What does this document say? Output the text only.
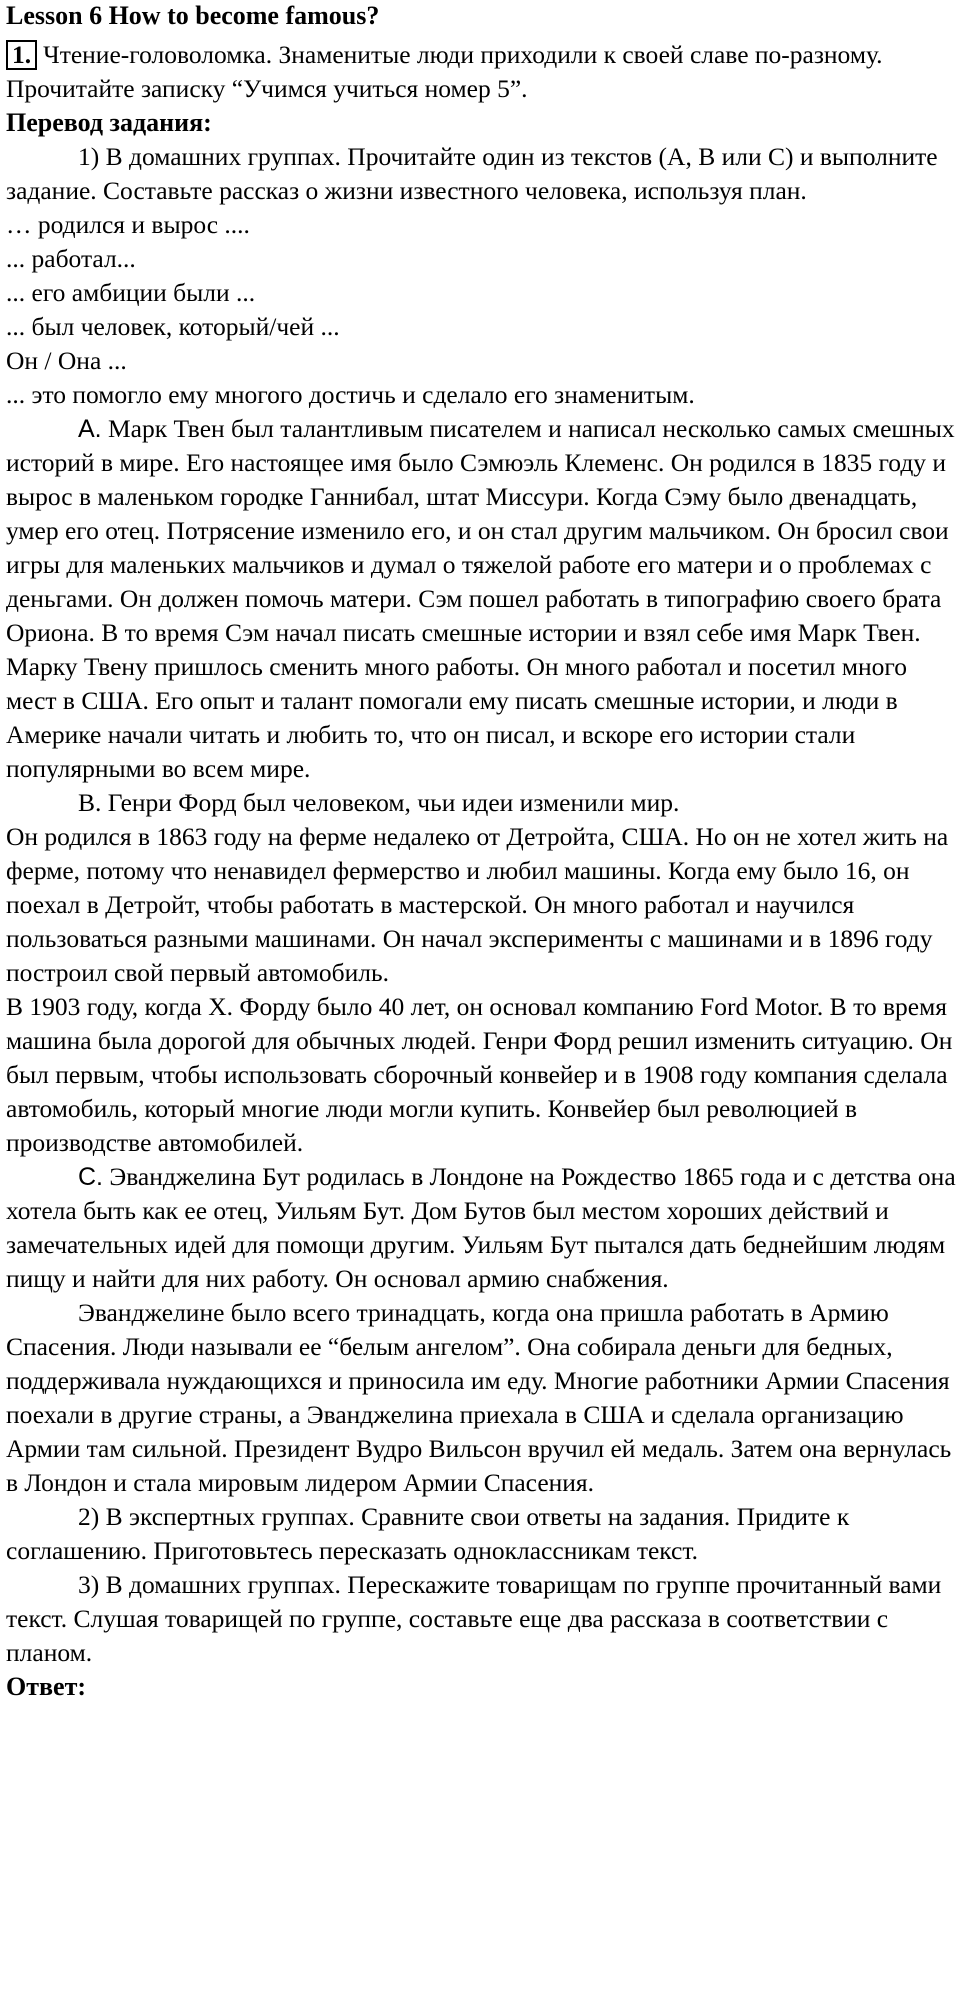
Lesson 6 How to become famous?

1. Чтение-головоломка. Знаменитые люди приходили к своей славе по-разному. Прочитайте записку “Учимся учиться номер 5”.

Перевод задания:

1) В домашних группах. Прочитайте один из текстов (A, B или C) и выполните задание. Составьте рассказ о жизни известного человека, используя план.

… родился и вырос ....

... работал...

... его амбиции были ...

... был человек, который/чей ...

Он / Она ...

... это помогло ему многого достичь и сделало его знаменитым.

A. Марк Твен был талантливым писателем и написал несколько самых смешных историй в мире. Его настоящее имя было Сэмюэль Клеменс. Он родился в 1835 году и вырос в маленьком городке Ганнибал, штат Миссури. Когда Сэму было двенадцать, умер его отец. Потрясение изменило его, и он стал другим мальчиком. Он бросил свои игры для маленьких мальчиков и думал о тяжелой работе его матери и о проблемах с деньгами. Он должен помочь матери. Сэм пошел работать в типографию своего брата Ориона. В то время Сэм начал писать смешные истории и взял себе имя Марк Твен. Марку Твену пришлось сменить много работы. Он много работал и посетил много мест в США. Его опыт и талант помогали ему писать смешные истории, и люди в Америке начали читать и любить то, что он писал, и вскоре его истории стали популярными во всем мире.

B. Генри Форд был человеком, чьи идеи изменили мир.

Он родился в 1863 году на ферме недалеко от Детройта, США. Но он не хотел жить на ферме, потому что ненавидел фермерство и любил машины. Когда ему было 16, он поехал в Детройт, чтобы работать в мастерской. Он много работал и научился пользоваться разными машинами. Он начал эксперименты с машинами и в 1896 году построил свой первый автомобиль.

В 1903 году, когда X. Форду было 40 лет, он основал компанию Ford Motor. В то время машина была дорогой для обычных людей. Генри Форд решил изменить ситуацию. Он был первым, чтобы использовать сборочный конвейер и в 1908 году компания сделала автомобиль, который многие люди могли купить. Конвейер был революцией в производстве автомобилей.

C. Эванджелина Бут родилась в Лондоне на Рождество 1865 года и с детства она хотела быть как ее отец, Уильям Бут. Дом Бутов был местом хороших действий и замечательных идей для помощи другим. Уильям Бут пытался дать беднейшим людям пищу и найти для них работу. Он основал армию снабжения.

Эванджелине было всего тринадцать, когда она пришла работать в Армию Спасения. Люди называли ее “белым ангелом”. Она собирала деньги для бедных, поддерживала нуждающихся и приносила им еду. Многие работники Армии Спасения поехали в другие страны, а Эванджелина приехала в США и сделала организацию Армии там сильной. Президент Вудро Вильсон вручил ей медаль. Затем она вернулась в Лондон и стала мировым лидером Армии Спасения.

2) В экспертных группах. Сравните свои ответы на задания. Придите к соглашению. Приготовьтесь пересказать одноклассникам текст.

3) В домашних группах. Перескажите товарищам по группе прочитанный вами текст. Слушая товарищей по группе, составьте еще два рассказа в соответствии с планом.

Ответ:
